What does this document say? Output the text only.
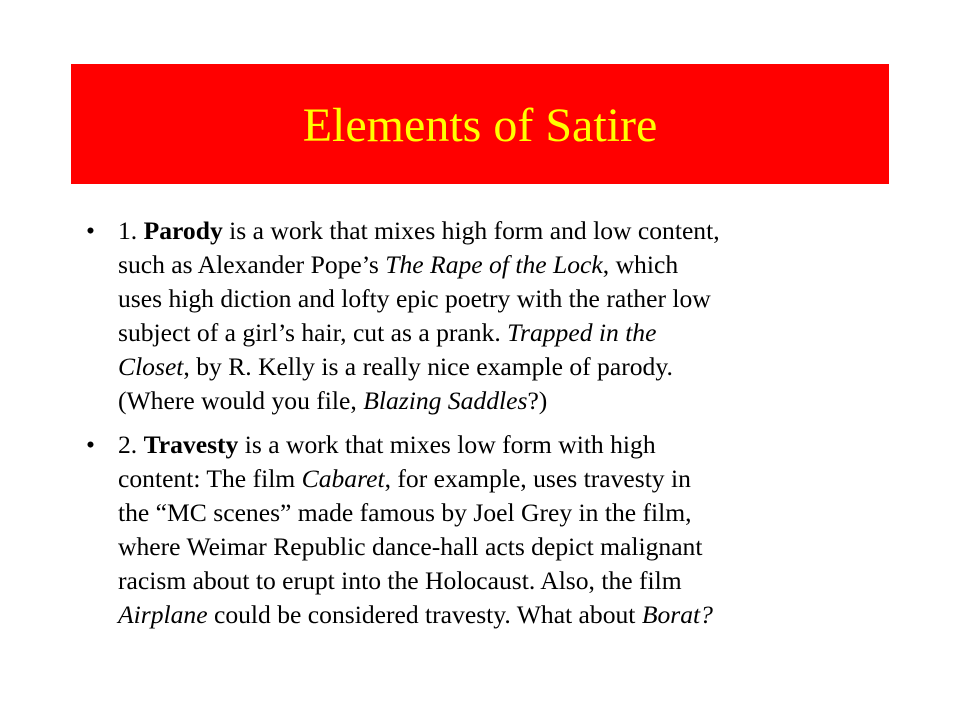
Elements of Satire
• 1. Parody is a work that mixes high form and low content,
such as Alexander Pope’s The Rape of the Lock, which
uses high diction and lofty epic poetry with the rather low
subject of a girl’s hair, cut as a prank. Trapped in the
Closet, by R. Kelly is a really nice example of parody.
(Where would you file, Blazing Saddles?)
• 2. Travesty is a work that mixes low form with high
content: The film Cabaret, for example, uses travesty in
the “MC scenes” made famous by Joel Grey in the film,
where Weimar Republic dance-hall acts depict malignant
racism about to erupt into the Holocaust. Also, the film
Airplane could be considered travesty. What about Borat?
